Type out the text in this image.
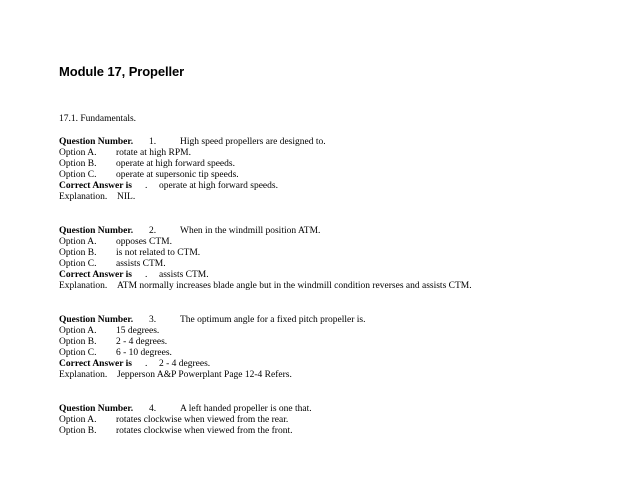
Module 17, Propeller
17.1. Fundamentals.
Question Number. 1.	High speed propellers are designed to.
Option A. rotate at high RPM.
Option B. operate at high forward speeds.
Option C. operate at supersonic tip speeds.
Correct Answer is . operate at high forward speeds.
Explanation. NIL.
Question Number. 2.	When in the windmill position ATM.
Option A. opposes CTM.
Option B. is not related to CTM.
Option C. assists CTM.
Correct Answer is . assists CTM.
Explanation. ATM normally increases blade angle but in the windmill condition reverses and assists CTM.
Question Number. 3.	The optimum angle for a fixed pitch propeller is.
Option A. 15 degrees.
Option B. 2 - 4 degrees.
Option C. 6 - 10 degrees.
Correct Answer is . 2 - 4 degrees.
Explanation. Jepperson A&P Powerplant Page 12-4 Refers.
Question Number. 4.	A left handed propeller is one that.
Option A. rotates clockwise when viewed from the rear.
Option B. rotates clockwise when viewed from the front.
